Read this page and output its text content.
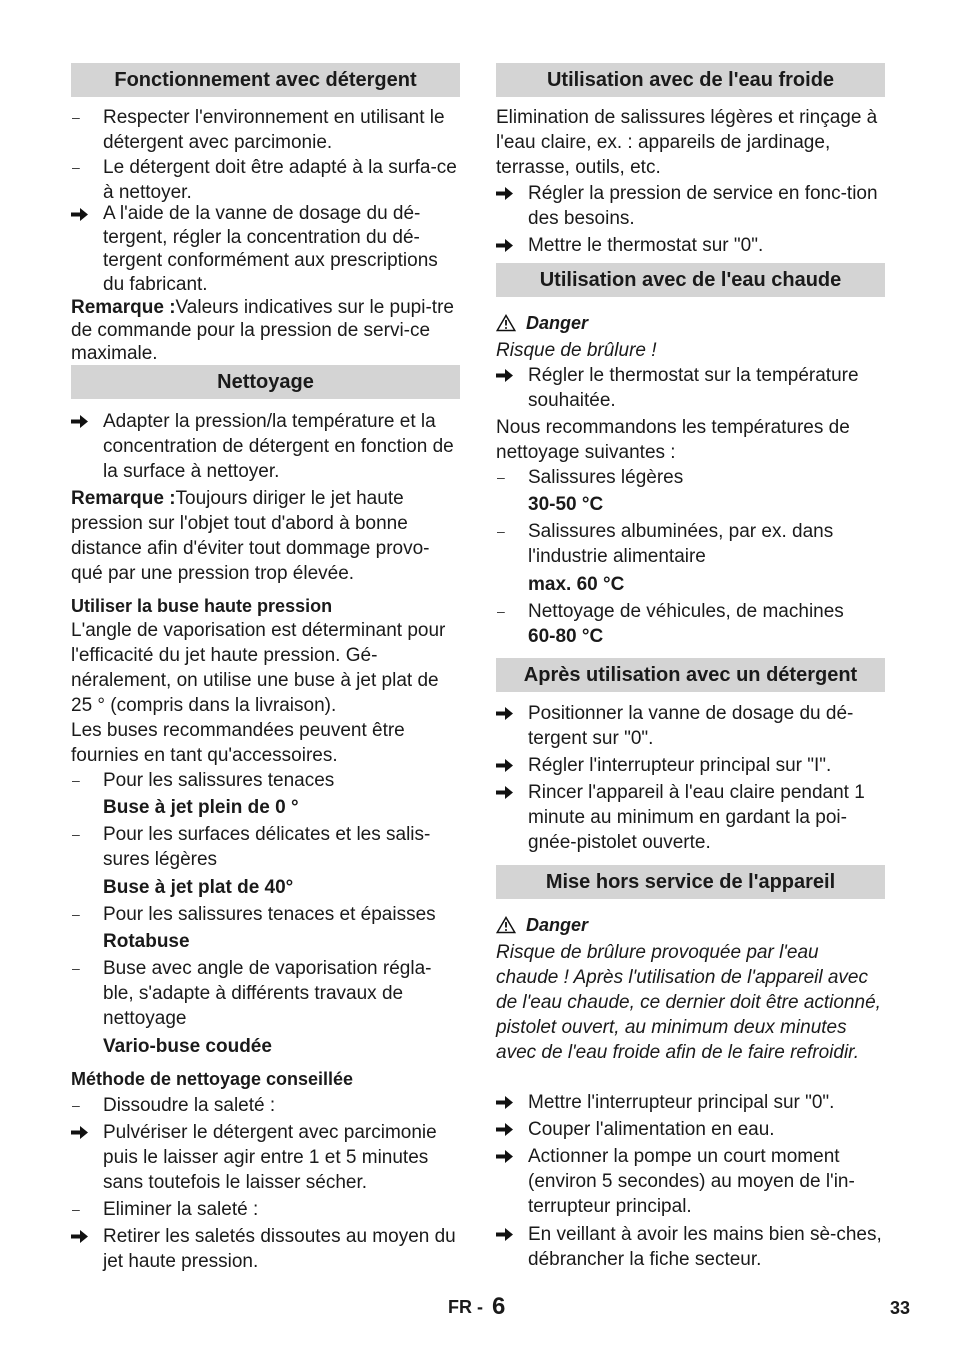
Fonctionnement avec détergent

–	Respecter l'environnement en utilisant le détergent avec parcimonie.

–	Le détergent doit être adapté à la surfa-ce à nettoyer.

A l'aide de la vanne de dosage du dé-tergent, régler la concentration du dé-tergent conformément aux prescriptions du fabricant.

Remarque :Valeurs indicatives sur le pupi-tre de commande pour la pression de servi-ce maximale.

Nettoyage

Adapter la pression/la température et la concentration de détergent en fonction de la surface à nettoyer.

Remarque :Toujours diriger le jet haute pression sur l'objet tout d'abord à bonne distance afin d'éviter tout dommage provo-qué par une pression trop élevée.

Utiliser la buse haute pression

L'angle de vaporisation est déterminant pour l'efficacité du jet haute pression. Gé-néralement, on utilise une buse à jet plat de 25 ° (compris dans la livraison).

Les buses recommandées peuvent être fournies en tant qu'accessoires.

–	Pour les salissures tenaces

Buse à jet plein de 0 °

–	Pour les surfaces délicates et les salis-sures légères

Buse à jet plat de 40°

–	Pour les salissures tenaces et épaisses

Rotabuse

–	Buse avec angle de vaporisation régla-ble, s'adapte à différents travaux de nettoyage

Vario-buse coudée

Méthode de nettoyage conseillée

–	Dissoudre la saleté :

Pulvériser le détergent avec parcimonie puis le laisser agir entre 1 et 5 minutes sans toutefois le laisser sécher.

–	Eliminer la saleté :

Retirer les saletés dissoutes au moyen du jet haute pression.

Utilisation avec de l'eau froide

Elimination de salissures légères et rinçage à l'eau claire, ex. : appareils de jardinage, terrasse, outils, etc.

Régler la pression de service en fonc-tion des besoins.

Mettre le thermostat sur "0".

Utilisation avec de l'eau chaude

Danger

Risque de brûlure !

Régler le thermostat sur la température souhaitée.

Nous recommandons les températures de nettoyage suivantes :

–	Salissures légères

30-50 °C

–	Salissures albuminées, par ex. dans l'industrie alimentaire

max. 60 °C

–	Nettoyage de véhicules, de machines

60-80 °C

Après utilisation avec un détergent

Positionner la vanne de dosage du dé-tergent sur "0".

Régler l'interrupteur principal sur "I".

Rincer l'appareil à l'eau claire pendant 1 minute au minimum en gardant la poi-gnée-pistolet ouverte.

Mise hors service de l'appareil

Danger

Risque de brûlure provoquée par l'eau chaude ! Après l'utilisation de l'appareil avec de l'eau chaude, ce dernier doit être actionné, pistolet ouvert, au minimum deux minutes avec de l'eau froide afin de le faire refroidir.

Mettre l'interrupteur principal sur "0".

Couper l'alimentation en eau.

Actionner la pompe un court moment (environ 5 secondes) au moyen de l'in-terrupteur principal.

En veillant à avoir les mains bien sè-ches, débrancher la fiche secteur.

FR - 6	33
